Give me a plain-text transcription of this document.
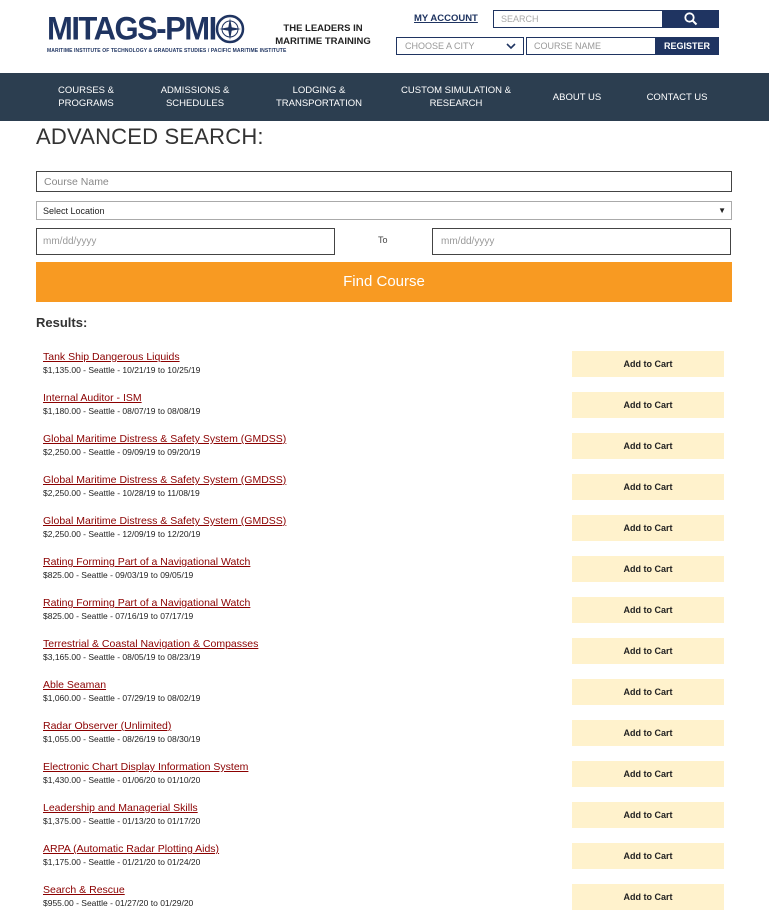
MITAGS-PMI
MARITIME INSTITUTE OF TECHNOLOGY & GRADUATE STUDIES / PACIFIC MARITIME INSTITUTE
THE LEADERS IN MARITIME TRAINING
MY ACCOUNT	SEARCH
CHOOSE A CITY	COURSE NAME	REGISTER
COURSES & PROGRAMS
ADMISSIONS & SCHEDULES
LODGING & TRANSPORTATION
CUSTOM SIMULATION & RESEARCH
ABOUT US	CONTACT US
ADVANCED SEARCH:
Course Name
Select Location	▼
mm/dd/yyyy	To	mm/dd/yyyy
Find Course
Results:
Tank Ship Dangerous Liquids
$1,135.00 - Seattle - 10/21/19 to 10/25/19
Add to Cart
Internal Auditor - ISM
$1,180.00 - Seattle - 08/07/19 to 08/08/19
Add to Cart
Global Maritime Distress & Safety System (GMDSS)
$2,250.00 - Seattle - 09/09/19 to 09/20/19
Add to Cart
Global Maritime Distress & Safety System (GMDSS)
$2,250.00 - Seattle - 10/28/19 to 11/08/19
Add to Cart
Global Maritime Distress & Safety System (GMDSS)
$2,250.00 - Seattle - 12/09/19 to 12/20/19
Add to Cart
Rating Forming Part of a Navigational Watch
$825.00 - Seattle - 09/03/19 to 09/05/19
Add to Cart
Rating Forming Part of a Navigational Watch
$825.00 - Seattle - 07/16/19 to 07/17/19
Add to Cart
Terrestrial & Coastal Navigation & Compasses
$3,165.00 - Seattle - 08/05/19 to 08/23/19
Add to Cart
Able Seaman
$1,060.00 - Seattle - 07/29/19 to 08/02/19
Add to Cart
Radar Observer (Unlimited)
$1,055.00 - Seattle - 08/26/19 to 08/30/19
Add to Cart
Electronic Chart Display Information System
$1,430.00 - Seattle - 01/06/20 to 01/10/20
Add to Cart
Leadership and Managerial Skills
$1,375.00 - Seattle - 01/13/20 to 01/17/20
Add to Cart
ARPA (Automatic Radar Plotting Aids)
$1,175.00 - Seattle - 01/21/20 to 01/24/20
Add to Cart
Search & Rescue
$955.00 - Seattle - 01/27/20 to 01/29/20
Add to Cart
